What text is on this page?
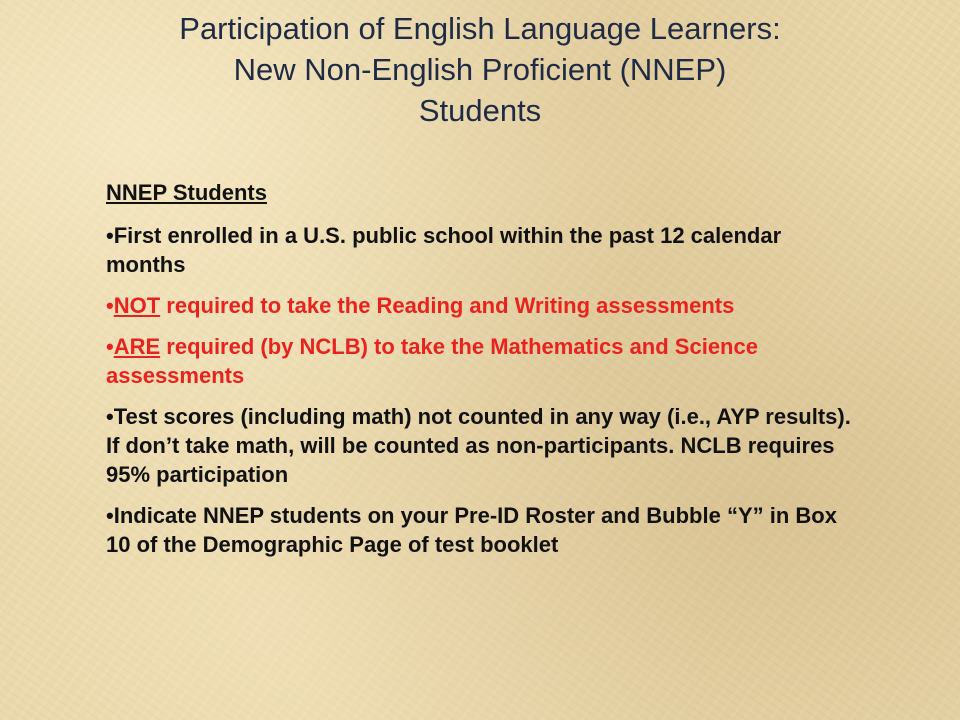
Participation of English Language Learners:
New Non-English Proficient (NNEP)
Students
NNEP Students
•First enrolled in a U.S. public school within the past 12 calendar months
•NOT required to take the Reading and Writing assessments
•ARE required (by NCLB) to take the Mathematics and Science assessments
•Test scores (including math) not counted in any way (i.e., AYP results). If don’t take math, will be counted as non-participants. NCLB requires 95% participation
•Indicate NNEP students on your Pre-ID Roster and Bubble “Y” in Box 10 of the Demographic Page of test booklet
